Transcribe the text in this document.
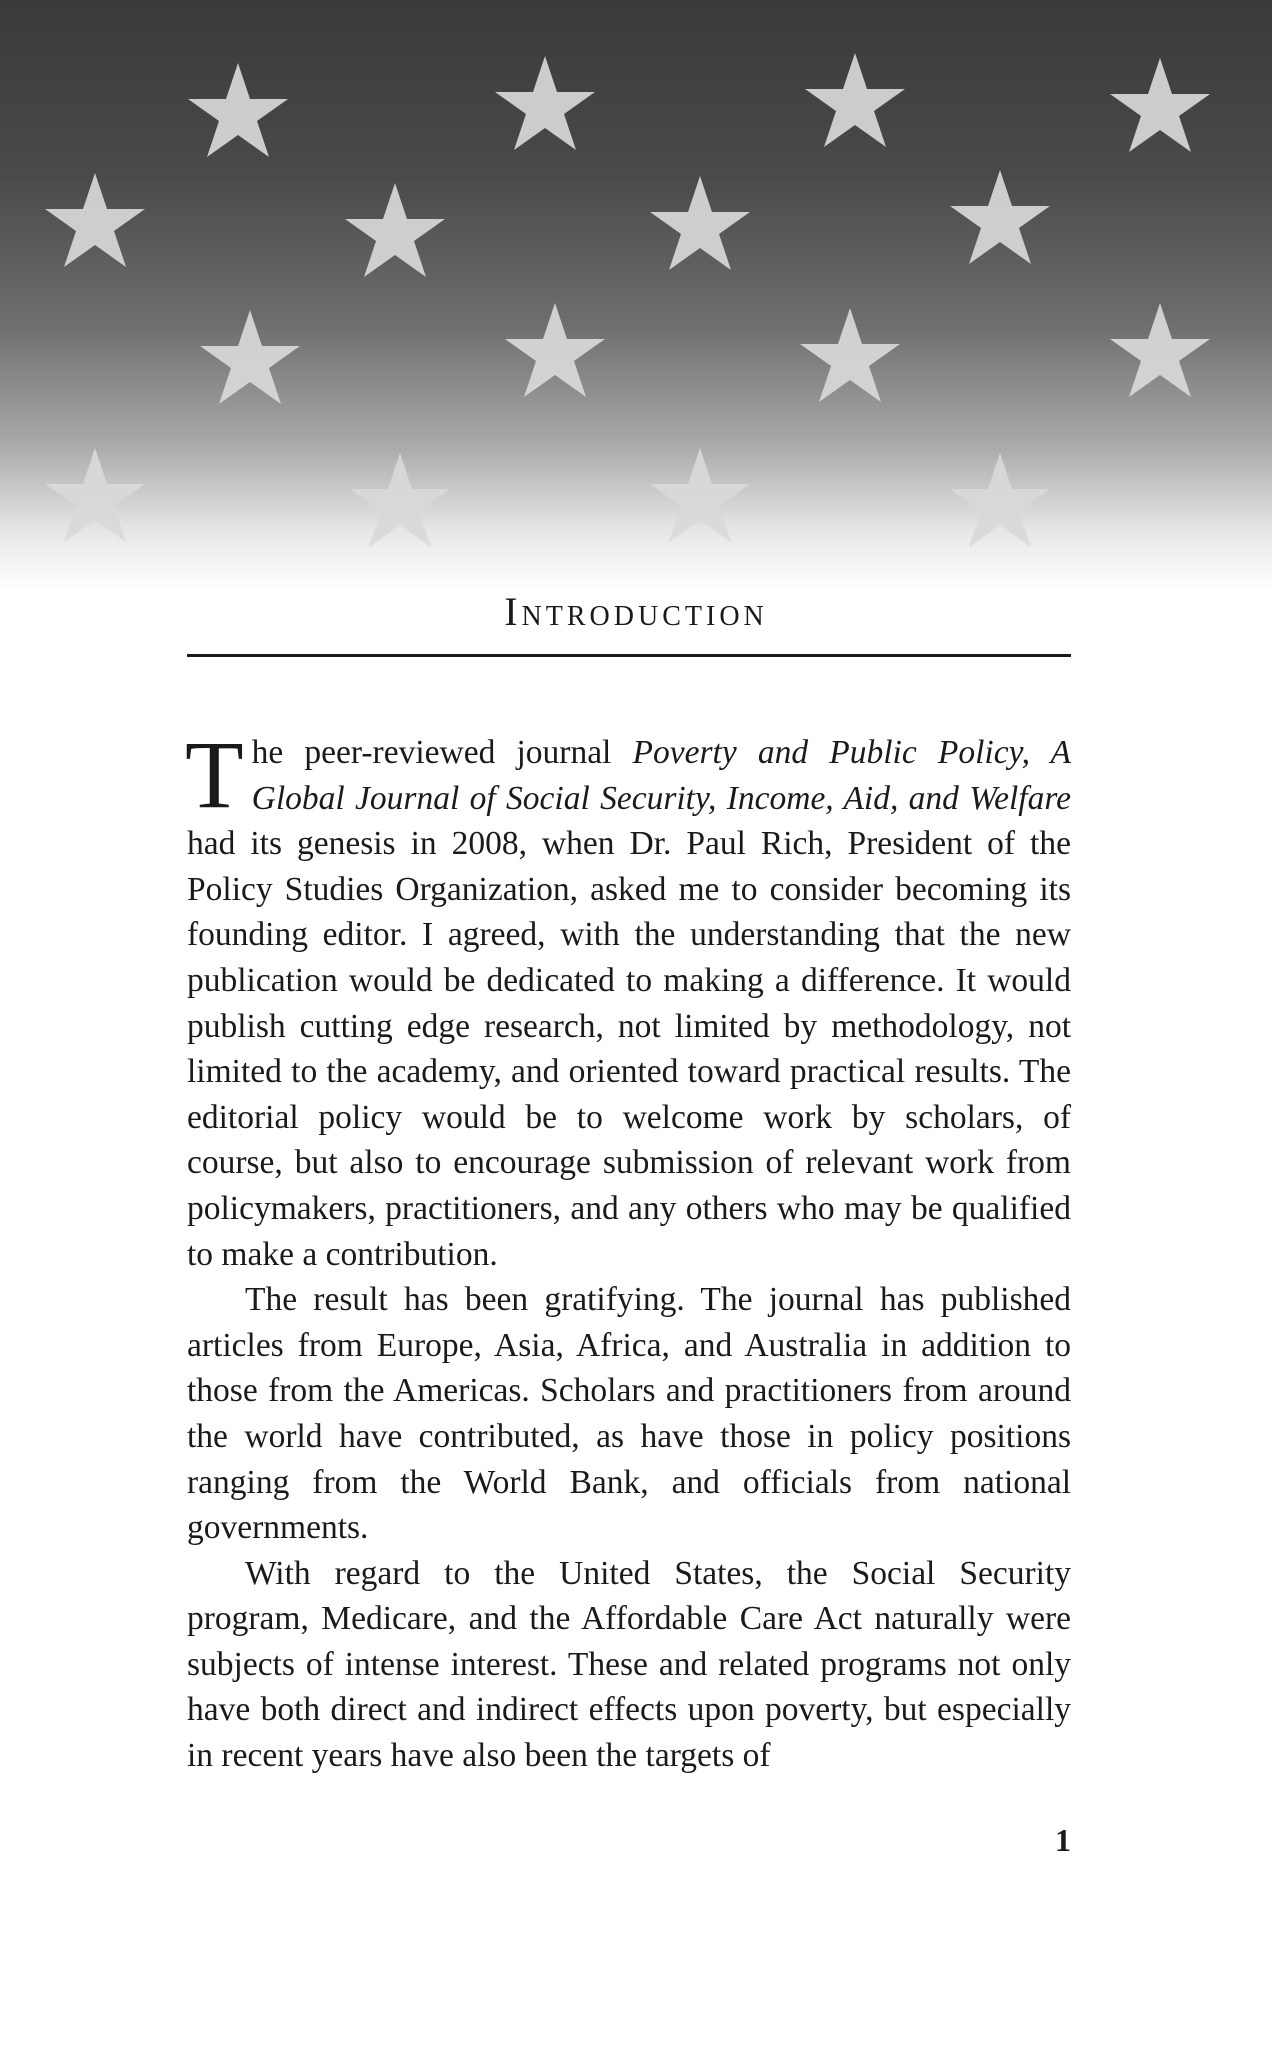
Introduction

The peer-reviewed journal Poverty and Public Policy, A Global Journal of Social Security, Income, Aid, and Welfare had its genesis in 2008, when Dr. Paul Rich, President of the Policy Studies Organization, asked me to consider becoming its founding editor. I agreed, with the understanding that the new publication would be dedicated to making a difference. It would publish cutting edge research, not limited by methodology, not limited to the academy, and oriented toward practical results. The editorial policy would be to welcome work by scholars, of course, but also to encourage submission of relevant work from policymakers, practitioners, and any others who may be qualified to make a contribution.

The result has been gratifying. The journal has published articles from Europe, Asia, Africa, and Australia in addition to those from the Americas. Scholars and practitioners from around the world have contributed, as have those in policy positions ranging from the World Bank, and officials from national governments.

With regard to the United States, the Social Security program, Medicare, and the Affordable Care Act naturally were subjects of intense interest. These and related programs not only have both direct and indirect effects upon poverty, but especially in recent years have also been the targets of

1
